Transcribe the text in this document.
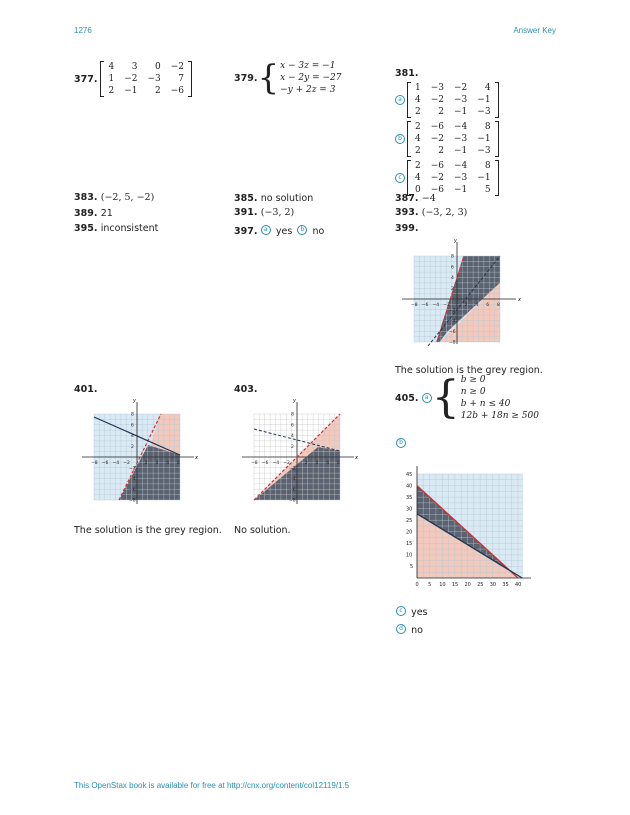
1276	Answer Key
377 .
4	3	0	−2
1	−2	−3	7
2	−1	2	−6
379 . { x − 3z = −1
x − 2y = −27
−y + 2z = 3
381.
a
1	−3	−2	4
4	−2	−3	−1
2	2	−1	−3
b
2	−6	−4	8
4	−2	−3	−1
2	2	−1	−3
c
2	−6	−4	8
4	−2	−3	−1
0	−6	−1	5
383. (−2, 5, −2)	385. no solution	387. −4
389. 21	391. (−3, 2)	393. (−3, 2, 3)
395. inconsistent	397. a yes b no	399.
x
y
−8 −6 −4 −2	2 4 6 8
8
6
4
2
−2
−4
−6
−8
The solution is the grey region.
401.
x
y
−8 −6 −4 −2	2 4 6 8
8
6
4
2
−2
−4
−6
−8
The solution is the grey region.
403.
x
y
−8 −6 −4 −2	2 4 6 8
8
6
4
2
−2
−4
−6
−8
No solution.
405 . a { b ≥ 0
n ≥ 0
b + n ≤ 40
12b + 18n ≥ 500
b
0 5 10 15 20 25 30 35 40
5
10
15
20
25
30
35
40
45
c yes
d no
This OpenStax book is available for free at http://cnx.org/content/col12119/1.5
